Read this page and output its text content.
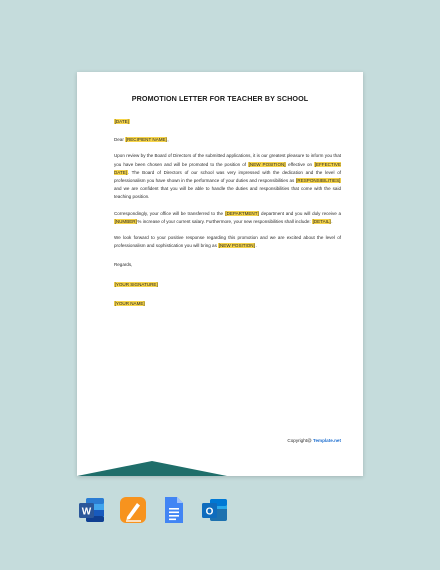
PROMOTION LETTER FOR TEACHER BY SCHOOL

[DATE]

Dear [RECIPIENT NAME],

Upon review by the Board of Directors of the submitted applications, it is our greatest pleasure to inform you that you have been chosen and will be promoted to the position of [NEW POSITION] effective on [EFFECTIVE DATE]. The Board of Directors of our school was very impressed with the dedication and the level of professionalism you have shown in the performance of your duties and responsibilities as [RESPONSIBILITIES] and we are confident that you will be able to handle the duties and responsibilities that come with the said teaching position.

Correspondingly, your office will be transferred to the [DEPARTMENT] department and you will duly receive a [NUMBER]% increase of your current salary. Furthermore, your new responsibilities shall include: [DETAIL].

We look forward to your positive response regarding this promotion and we are excited about the level of professionalism and sophistication you will bring as [NEW POSITION].

Regards,

[YOUR SIGNATURE]

[YOUR NAME]

Copyright@ Template.net
W	O
